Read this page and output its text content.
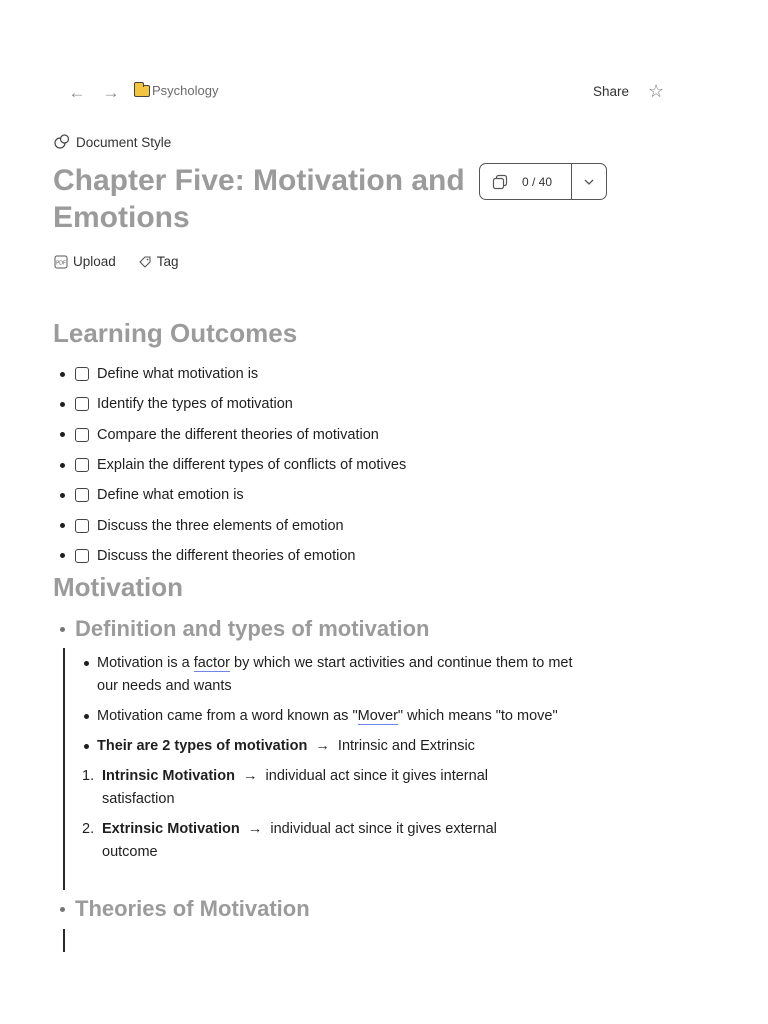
← →	Psychology	Share ☆
Document Style
Chapter Five: Motivation and Emotions
0 / 40
PDF Upload	Tag
Learning Outcomes
Define what motivation is
Identify the types of motivation
Compare the different theories of motivation
Explain the different types of conflicts of motives
Define what emotion is
Discuss the three elements of emotion
Discuss the different theories of emotion
Motivation
Definition and types of motivation
Motivation is a factor by which we start activities and continue them to met our needs and wants
Motivation came from a word known as "Mover" which means "to move"
Their are 2 types of motivation  →  Intrinsic and Extrinsic
1. Intrinsic Motivation  →  individual act since it gives internal satisfaction
2. Extrinsic Motivation  →  individual act since it gives external outcome
Theories of Motivation
